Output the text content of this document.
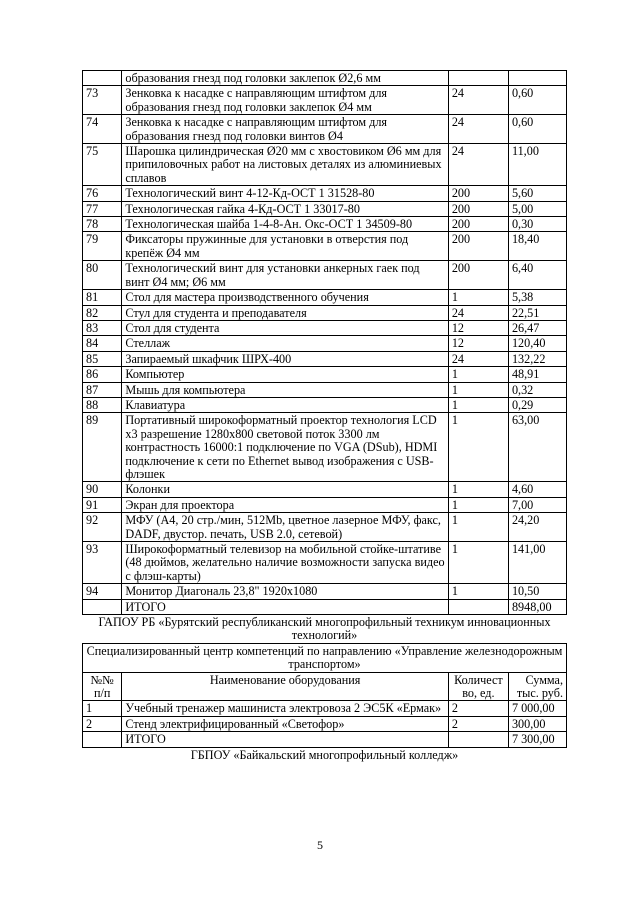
	образования гнезд под головки заклепок Ø2,6 мм		
73	Зенковка к насадке с направляющим штифтом для образования гнезд под головки заклепок Ø4 мм	24	0,60
74	Зенковка к насадке с направляющим штифтом для образования гнезд под головки винтов Ø4	24	0,60
75	Шарошка цилиндрическая Ø20 мм с хвостовиком Ø6 мм для припиловочных работ на листовых деталях из алюминиевых сплавов	24	11,00
76	Технологический винт 4-12-Кд-ОСТ 1 31528-80	200	5,60
77	Технологическая гайка 4-Кд-ОСТ 1 33017-80	200	5,00
78	Технологическая шайба 1-4-8-Ан. Окс-ОСТ 1 34509-80	200	0,30
79	Фиксаторы пружинные для установки в отверстия под крепёж Ø4 мм	200	18,40
80	Технологический винт для установки анкерных гаек под винт Ø4 мм; Ø6 мм	200	6,40
81	Стол для мастера производственного обучения	1	5,38
82	Стул для студента и преподавателя	24	22,51
83	Стол для студента	12	26,47
84	Стеллаж	12	120,40
85	Запираемый шкафчик ШРХ-400	24	132,22
86	Компьютер	1	48,91
87	Мышь для компьютера	1	0,32
88	Клавиатура	1	0,29
89	Портативный широкоформатный проектор технология LCD x3 разрешение 1280x800 световой поток 3300 лм контрастность 16000:1 подключение по VGA (DSub), HDMI подключение к сети по Ethernet вывод изображения с USB-флэшек	1	63,00
90	Колонки	1	4,60
91	Экран для проектора	1	7,00
92	МФУ (А4, 20 стр./мин, 512Mb, цветное лазерное МФУ, факс, DADF, двустор. печать, USB 2.0, сетевой)	1	24,20
93	Широкоформатный телевизор на мобильной стойке-штативе (48 дюймов, желательно наличие возможности запуска видео с флэш-карты)	1	141,00
94	Монитор Диагональ 23,8" 1920x1080	1	10,50
	ИТОГО		8948,00
ГАПОУ РБ «Бурятский республиканский многопрофильный техникум инновационных технологий»
Специализированный центр компетенций по направлению «Управление железнодорожным транспортом»			
№№ п/п	Наименование оборудования	Количест во, ед.	Сумма, тыс. руб.
1	Учебный тренажер машиниста электровоза 2 ЭС5К «Ермак»	2	7 000,00
2	Стенд электрифицированный «Светофор»	2	300,00
	ИТОГО		7 300,00
ГБПОУ «Байкальский многопрофильный колледж»
5
